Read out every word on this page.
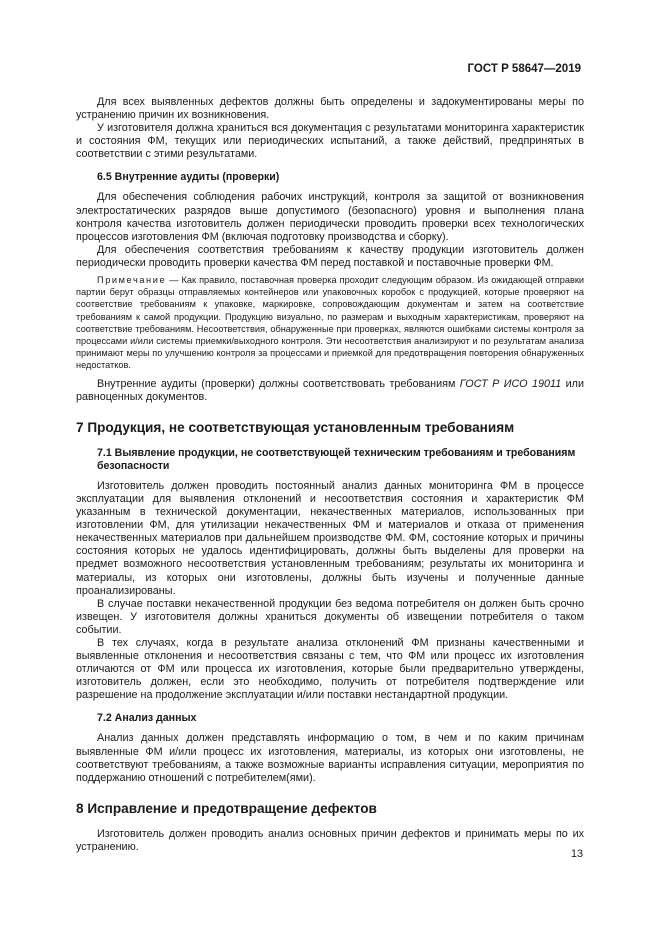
ГОСТ Р 58647—2019

Для всех выявленных дефектов должны быть определены и задокументированы меры по устранению причин их возникновения.

У изготовителя должна храниться вся документация с результатами мониторинга характеристик и состояния ФМ, текущих или периодических испытаний, а также действий, предпринятых в соответствии с этими результатами.

6.5 Внутренние аудиты (проверки)

Для обеспечения соблюдения рабочих инструкций, контроля за защитой от возникновения электростатических разрядов выше допустимого (безопасного) уровня и выполнения плана контроля качества изготовитель должен периодически проводить проверки всех технологических процессов изготовления ФМ (включая подготовку производства и сборку).

Для обеспечения соответствия требованиям к качеству продукции изготовитель должен периодически проводить проверки качества ФМ перед поставкой и поставочные проверки ФМ.

Примечание — Как правило, поставочная проверка проходит следующим образом. Из ожидающей отправки партии берут образцы отправляемых контейнеров или упаковочных коробок с продукцией, которые проверяют на соответствие требованиям к упаковке, маркировке, сопровождающим документам и затем на соответствие требованиям к самой продукции. Продукцию визуально, по размерам и выходным характеристикам, проверяют на соответствие требованиям. Несоответствия, обнаруженные при проверках, являются ошибками системы контроля за процессами и/или системы приемки/выходного контроля. Эти несоответствия анализируют и по результатам анализа принимают меры по улучшению контроля за процессами и приемкой для предотвращения повторения обнаруженных недостатков.

Внутренние аудиты (проверки) должны соответствовать требованиям ГОСТ Р ИСО 19011 или равноценных документов.

7 Продукция, не соответствующая установленным требованиям
7.1 Выявление продукции, не соответствующей техническим требованиям и требованиям безопасности

Изготовитель должен проводить постоянный анализ данных мониторинга ФМ в процессе эксплуатации для выявления отклонений и несоответствия состояния и характеристик ФМ указанным в технической документации, некачественных материалов, использованных при изготовлении ФМ, для утилизации некачественных ФМ и материалов и отказа от применения некачественных материалов при дальнейшем производстве ФМ. ФМ, состояние которых и причины состояния которых не удалось идентифицировать, должны быть выделены для проверки на предмет возможного несоответствия установленным требованиям; результаты их мониторинга и материалы, из которых они изготовлены, должны быть изучены и полученные данные проанализированы.

В случае поставки некачественной продукции без ведома потребителя он должен быть срочно извещен. У изготовителя должны храниться документы об извещении потребителя о таком событии.

В тех случаях, когда в результате анализа отклонений ФМ признаны качественными и выявленные отклонения и несоответствия связаны с тем, что ФМ или процесс их изготовления отличаются от ФМ или процесса их изготовления, которые были предварительно утверждены, изготовитель должен, если это необходимо, получить от потребителя подтверждение или разрешение на продолжение эксплуатации и/или поставки нестандартной продукции.

7.2 Анализ данных

Анализ данных должен представлять информацию о том, в чем и по каким причинам выявленные ФМ и/или процесс их изготовления, материалы, из которых они изготовлены, не соответствуют требованиям, а также возможные варианты исправления ситуации, мероприятия по поддержанию отношений с потребителем(ями).

8 Исправление и предотвращение дефектов

Изготовитель должен проводить анализ основных причин дефектов и принимать меры по их устранению.

13
